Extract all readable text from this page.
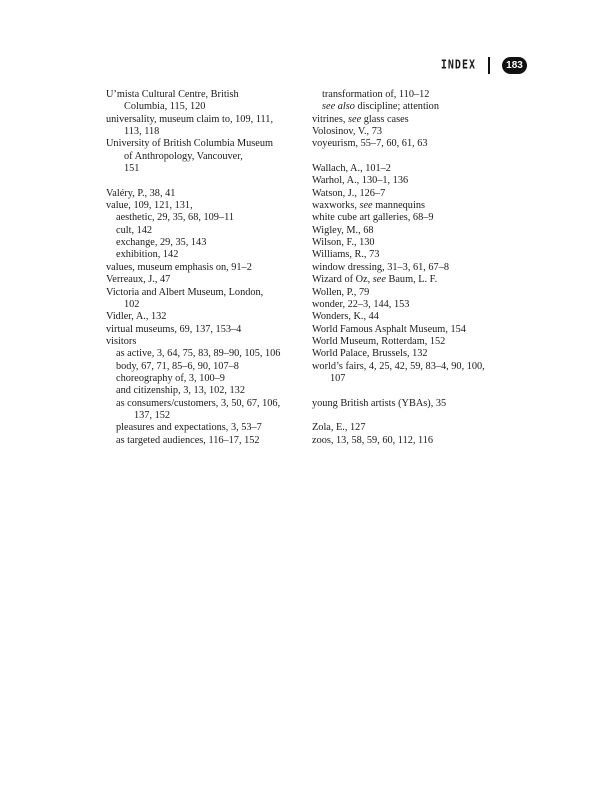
INDEX	183
U’mista Cultural Centre, British
Columbia, 115, 120
universality, museum claim to, 109, 111,
113, 118
University of British Columbia Museum
of Anthropology, Vancouver,
151
Valéry, P., 38, 41
value, 109, 121, 131,
aesthetic, 29, 35, 68, 109–11
cult, 142
exchange, 29, 35, 143
exhibition, 142
values, museum emphasis on, 91–2
Verreaux, J., 47
Victoria and Albert Museum, London,
102
Vidler, A., 132
virtual museums, 69, 137, 153–4
visitors
as active, 3, 64, 75, 83, 89–90, 105, 106
body, 67, 71, 85–6, 90, 107–8
choreography of, 3, 100–9
and citizenship, 3, 13, 102, 132
as consumers/customers, 3, 50, 67, 106,
137, 152
pleasures and expectations, 3, 53–7
as targeted audiences, 116–17, 152
transformation of, 110–12
see also discipline; attention
vitrines, see glass cases
Volosinov, V., 73
voyeurism, 55–7, 60, 61, 63
Wallach, A., 101–2
Warhol, A., 130–1, 136
Watson, J., 126–7
waxworks, see mannequins
white cube art galleries, 68–9
Wigley, M., 68
Wilson, F., 130
Williams, R., 73
window dressing, 31–3, 61, 67–8
Wizard of Oz, see Baum, L. F.
Wollen, P., 79
wonder, 22–3, 144, 153
Wonders, K., 44
World Famous Asphalt Museum, 154
World Museum, Rotterdam, 152
World Palace, Brussels, 132
world’s fairs, 4, 25, 42, 59, 83–4, 90, 100,
107
young British artists (YBAs), 35
Zola, E., 127
zoos, 13, 58, 59, 60, 112, 116
